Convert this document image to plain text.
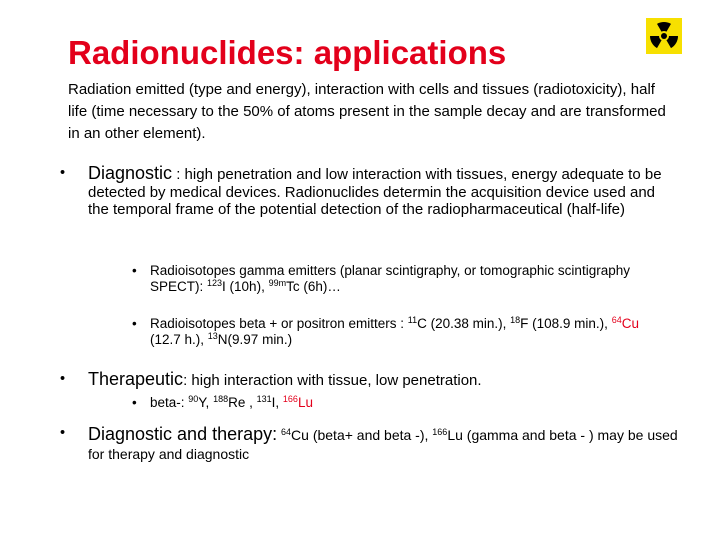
Radionuclides: applications
Radiation emitted (type and energy), interaction with cells and tissues (radiotoxicity), half life (time necessary to the 50% of atoms present in the sample decay and are transformed in an other element).
• Diagnostic : high penetration and low interaction with tissues, energy adequate to be detected by medical devices. Radionuclides determin the acquisition device used and the temporal frame of the potential detection of the radiopharmaceutical (half-life)
• Radioisotopes gamma emitters (planar scintigraphy, or tomographic scintigraphy SPECT): $^{123}$I (10h), $^{99m}$Tc (6h)…
• Radioisotopes beta + or positron emitters : $^{11}$C (20.38 min.), $^{18}$F (108.9 min.), $^{64}$Cu (12.7 h.), $^{13}$N(9.97 min.)
• Therapeutic: high interaction with tissue, low penetration.
• beta-: $^{90}$Y, $^{188}$Re , $^{131}$I, $^{166}$Lu
• Diagnostic and therapy: $^{64}$Cu (beta+ and beta -), $^{166}$Lu (gamma and beta - ) may be used for therapy and diagnostic
